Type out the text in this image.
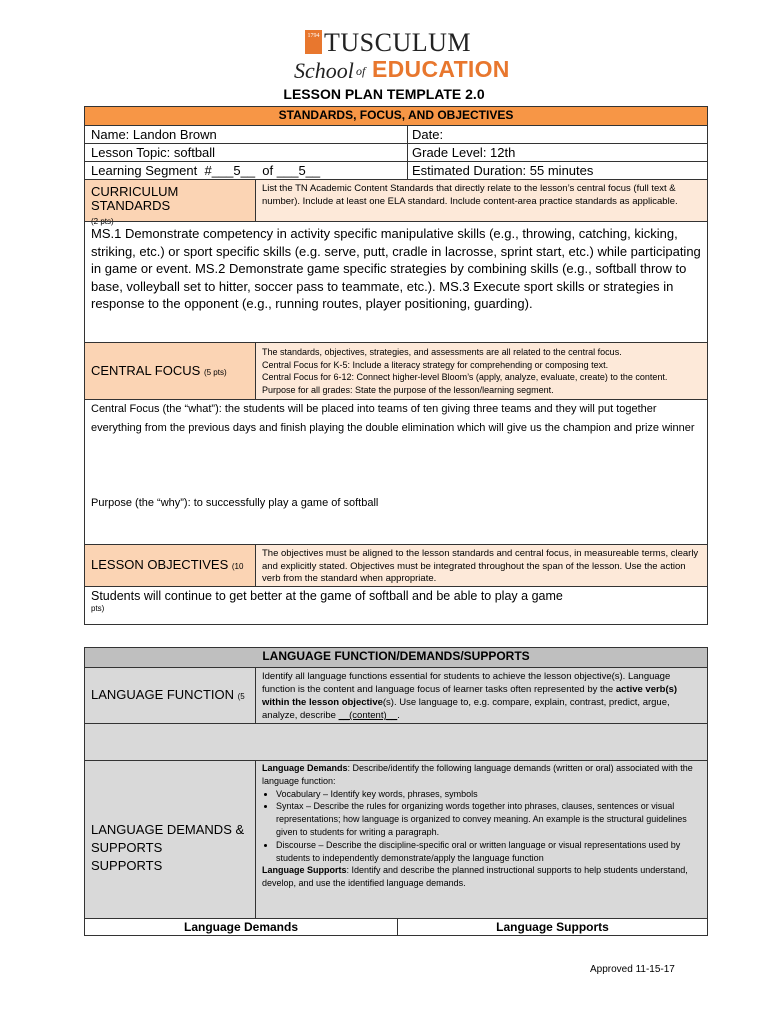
1794 TUSCULUM
School of EDUCATION
LESSON PLAN TEMPLATE 2.0
STANDARDS, FOCUS, AND OBJECTIVES
Name: Landon Brown	Date:
Lesson Topic: softball	Grade Level: 12th
Learning Segment  #___5__  of ___5__	Estimated Duration: 55 minutes
CURRICULUM STANDARDS
(2 pts)
List the TN Academic Content Standards that directly relate to the lesson’s central focus (full text & number). Include at least one ELA standard. Include content-area practice standards as applicable.
MS.1 Demonstrate competency in activity specific manipulative skills (e.g., throwing, catching, kicking, striking, etc.) or sport specific skills (e.g. serve, putt, cradle in lacrosse, sprint start, etc.) while participating in game or event. MS.2 Demonstrate game specific strategies by combining skills (e.g., softball throw to base, volleyball set to hitter, soccer pass to teammate, etc.). MS.3 Execute sport skills or strategies in response to the opponent (e.g., running routes, player positioning, guarding).
CENTRAL FOCUS (5 pts)
The standards, objectives, strategies, and assessments are all related to the central focus.
Central Focus for K-5: Include a literacy strategy for comprehending or composing text.
Central Focus for 6-12: Connect higher-level Bloom’s (apply, analyze, evaluate, create) to the content.
Purpose for all grades: State the purpose of the lesson/learning segment.
Central Focus (the “what”): the students will be placed into teams of ten giving three teams and they will put together everything from the previous days and finish playing the double elimination which will give us the champion and prize winner
Purpose (the “why”): to successfully play a game of softball
LESSON OBJECTIVES (10 pts)
The objectives must be aligned to the lesson standards and central focus, in measureable terms, clearly and explicitly stated. Objectives must be integrated throughout the span of the lesson. Use the action verb from the standard when appropriate.
Students will continue to get better at the game of softball and be able to play a game
LANGUAGE FUNCTION/DEMANDS/SUPPORTS
LANGUAGE FUNCTION (5
Identify all language functions essential for students to achieve the lesson objective(s). Language function is the content and language focus of learner tasks often represented by the active verb(s) within the lesson objective(s). Use language to, e.g. compare, explain, contrast, predict, argue, analyze, describe __(content)__.
LANGUAGE DEMANDS & SUPPORTS
SUPPORTS
Language Demands: Describe/identify the following language demands (written or oral) associated with the language function:
• Vocabulary – Identify key words, phrases, symbols
• Syntax – Describe the rules for organizing words together into phrases, clauses, sentences or visual representations; how language is organized to convey meaning. An example is the structural guidelines given to students for writing a paragraph.
• Discourse – Describe the discipline-specific oral or written language or visual representations used by students to independently demonstrate/apply the language function
Language Supports: Identify and describe the planned instructional supports to help students understand, develop, and use the identified language demands.
Language Demands	Language Supports
Approved 11-15-17
